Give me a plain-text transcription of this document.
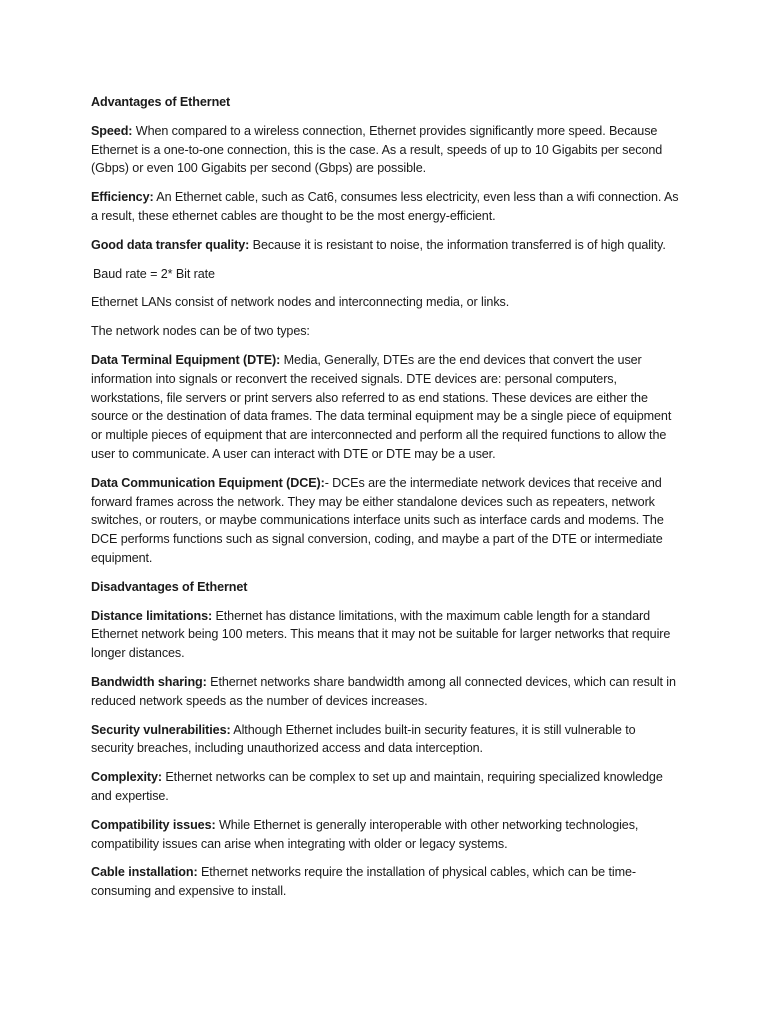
Advantages of Ethernet

Speed: When compared to a wireless connection, Ethernet provides significantly more speed. Because Ethernet is a one-to-one connection, this is the case. As a result, speeds of up to 10 Gigabits per second (Gbps) or even 100 Gigabits per second (Gbps) are possible.

Efficiency: An Ethernet cable, such as Cat6, consumes less electricity, even less than a wifi connection. As a result, these ethernet cables are thought to be the most energy-efficient.

Good data transfer quality: Because it is resistant to noise, the information transferred is of high quality.

Baud rate = 2* Bit rate

Ethernet LANs consist of network nodes and interconnecting media, or links.

The network nodes can be of two types:

Data Terminal Equipment (DTE): Media, Generally, DTEs are the end devices that convert the user information into signals or reconvert the received signals. DTE devices are: personal computers, workstations, file servers or print servers also referred to as end stations. These devices are either the source or the destination of data frames. The data terminal equipment may be a single piece of equipment or multiple pieces of equipment that are interconnected and perform all the required functions to allow the user to communicate. A user can interact with DTE or DTE may be a user.

Data Communication Equipment (DCE):- DCEs are the intermediate network devices that receive and forward frames across the network. They may be either standalone devices such as repeaters, network switches, or routers, or maybe communications interface units such as interface cards and modems. The DCE performs functions such as signal conversion, coding, and maybe a part of the DTE or intermediate equipment.

Disadvantages of Ethernet

Distance limitations: Ethernet has distance limitations, with the maximum cable length for a standard Ethernet network being 100 meters. This means that it may not be suitable for larger networks that require longer distances.

Bandwidth sharing: Ethernet networks share bandwidth among all connected devices, which can result in reduced network speeds as the number of devices increases.

Security vulnerabilities: Although Ethernet includes built-in security features, it is still vulnerable to security breaches, including unauthorized access and data interception.

Complexity: Ethernet networks can be complex to set up and maintain, requiring specialized knowledge and expertise.

Compatibility issues: While Ethernet is generally interoperable with other networking technologies, compatibility issues can arise when integrating with older or legacy systems.

Cable installation: Ethernet networks require the installation of physical cables, which can be time-consuming and expensive to install.
